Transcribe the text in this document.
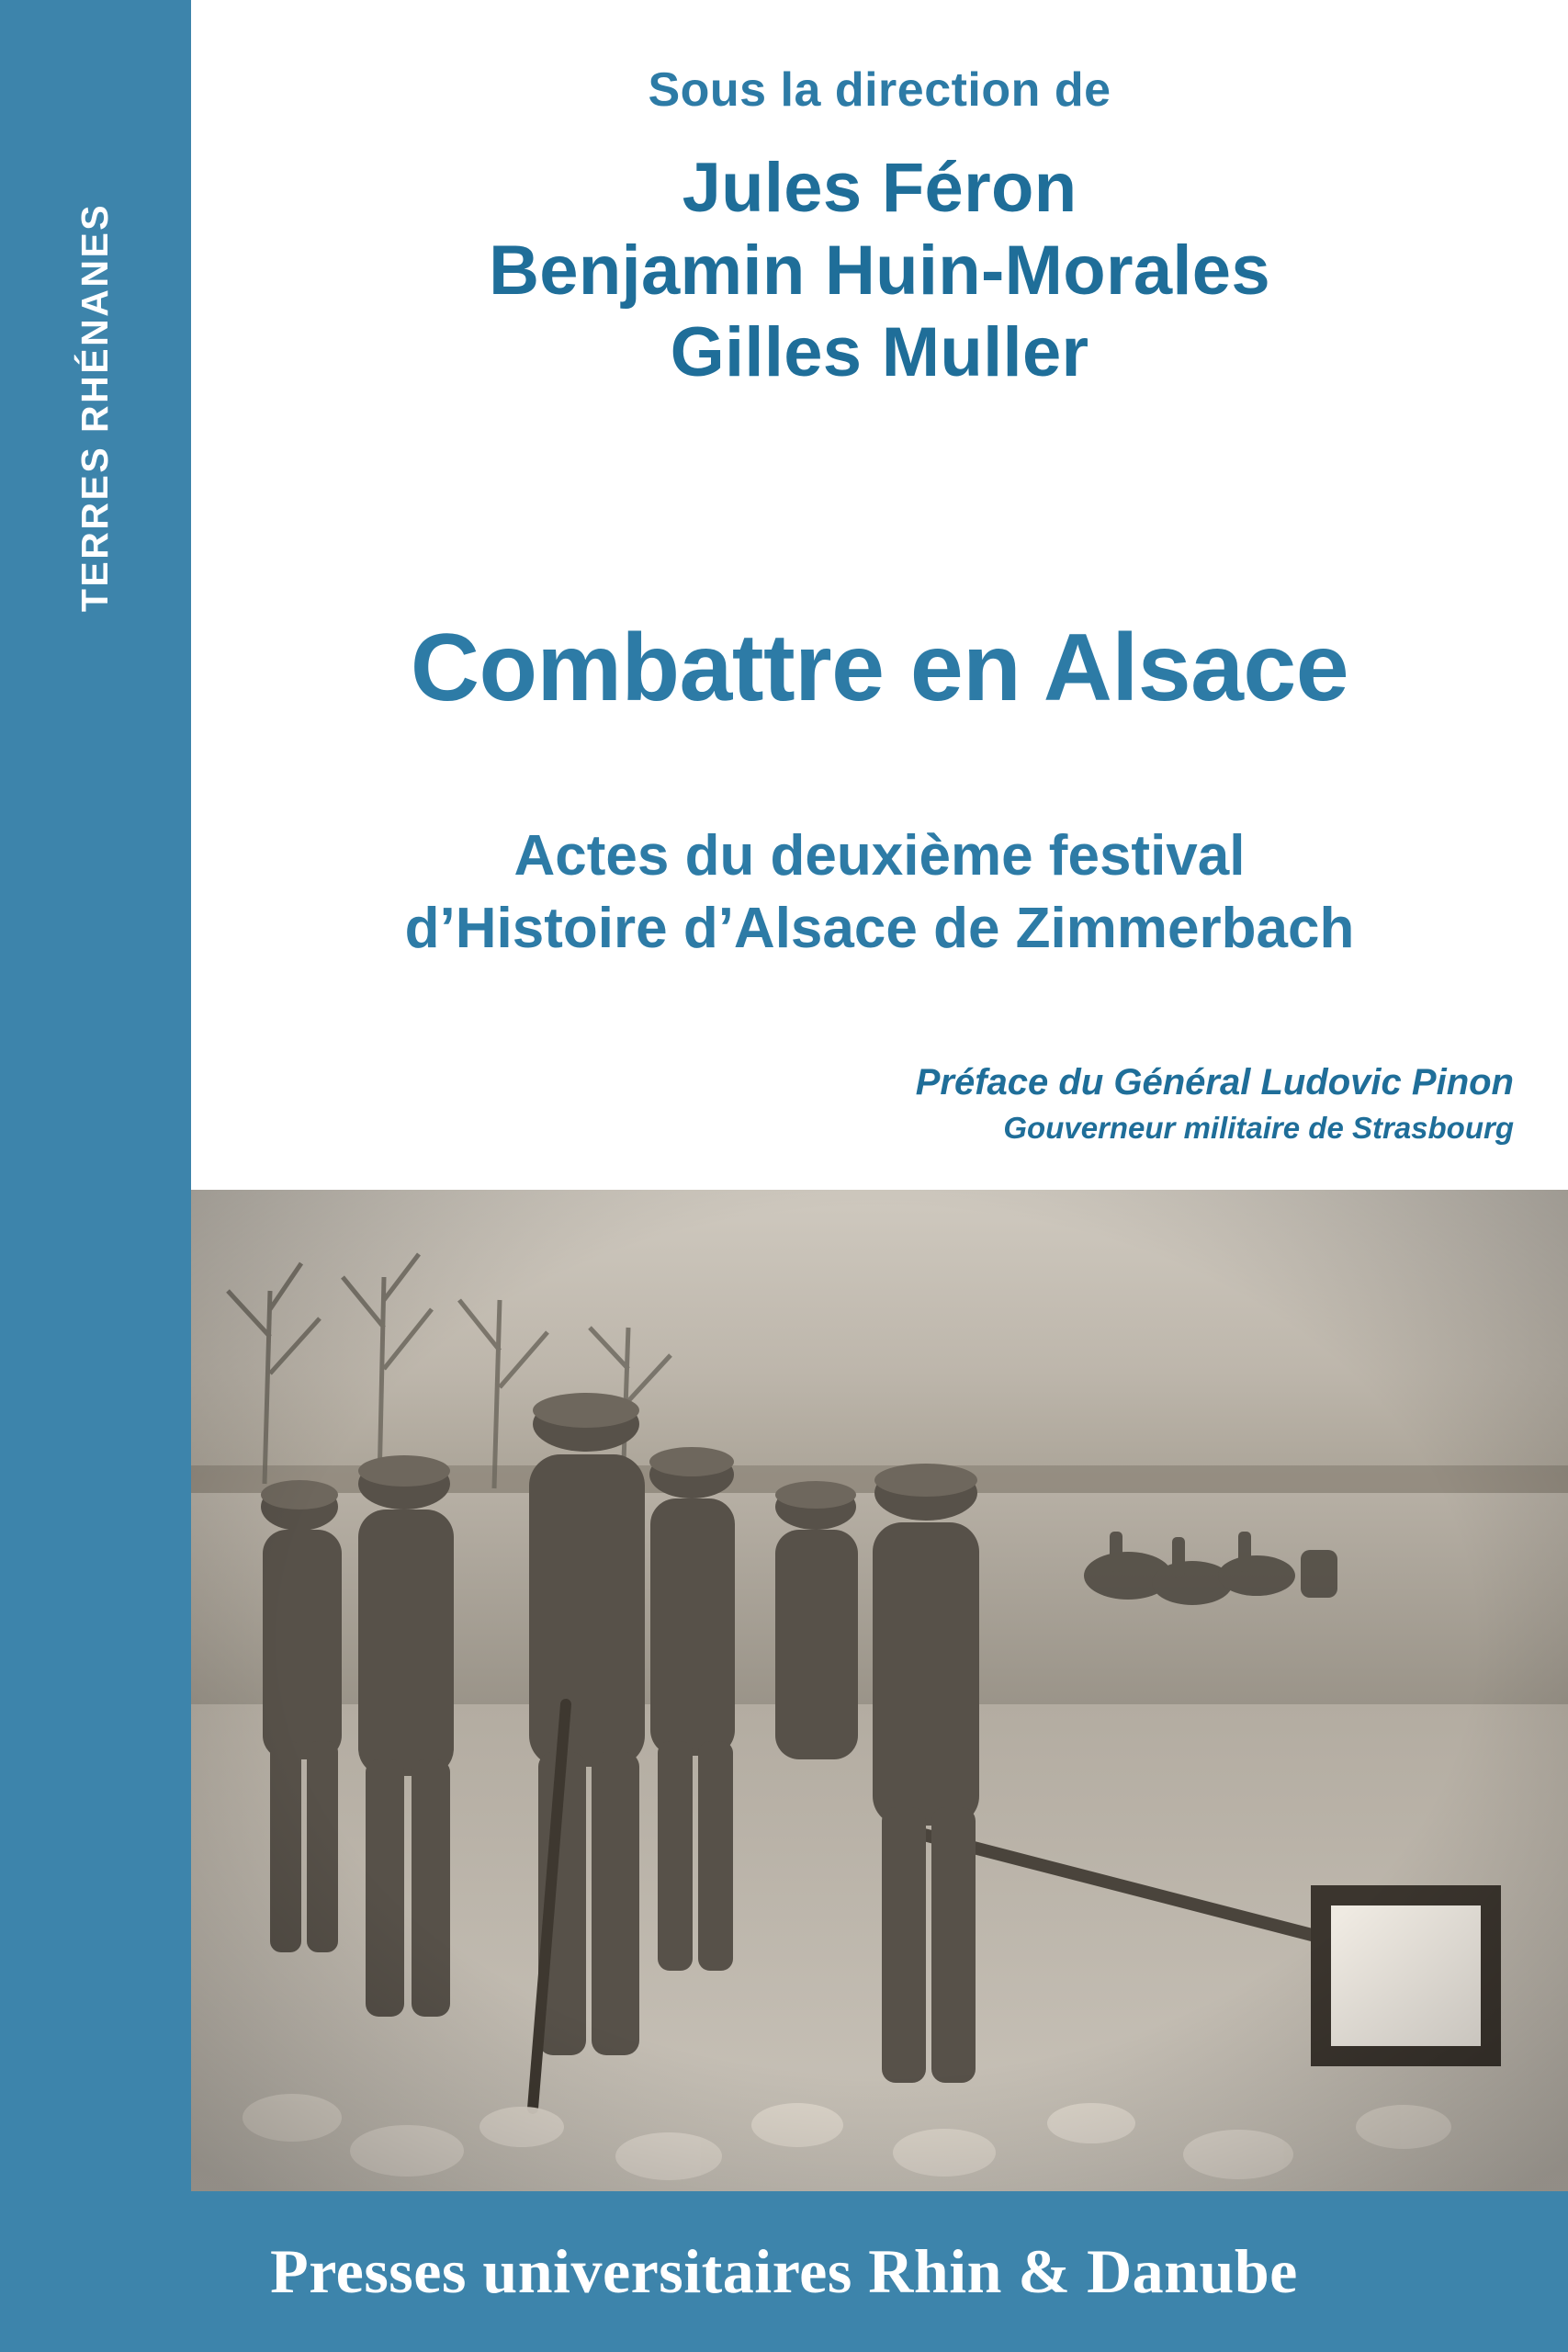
TERRES RHÉNANES
Sous la direction de
Jules Féron
Benjamin Huin-Morales
Gilles Muller
Combattre en Alsace
Actes du deuxième festival
d’Histoire d’Alsace de Zimmerbach
Préface du Général Ludovic Pinon
Gouverneur militaire de Strasbourg
Presses universitaires Rhin & Danube
